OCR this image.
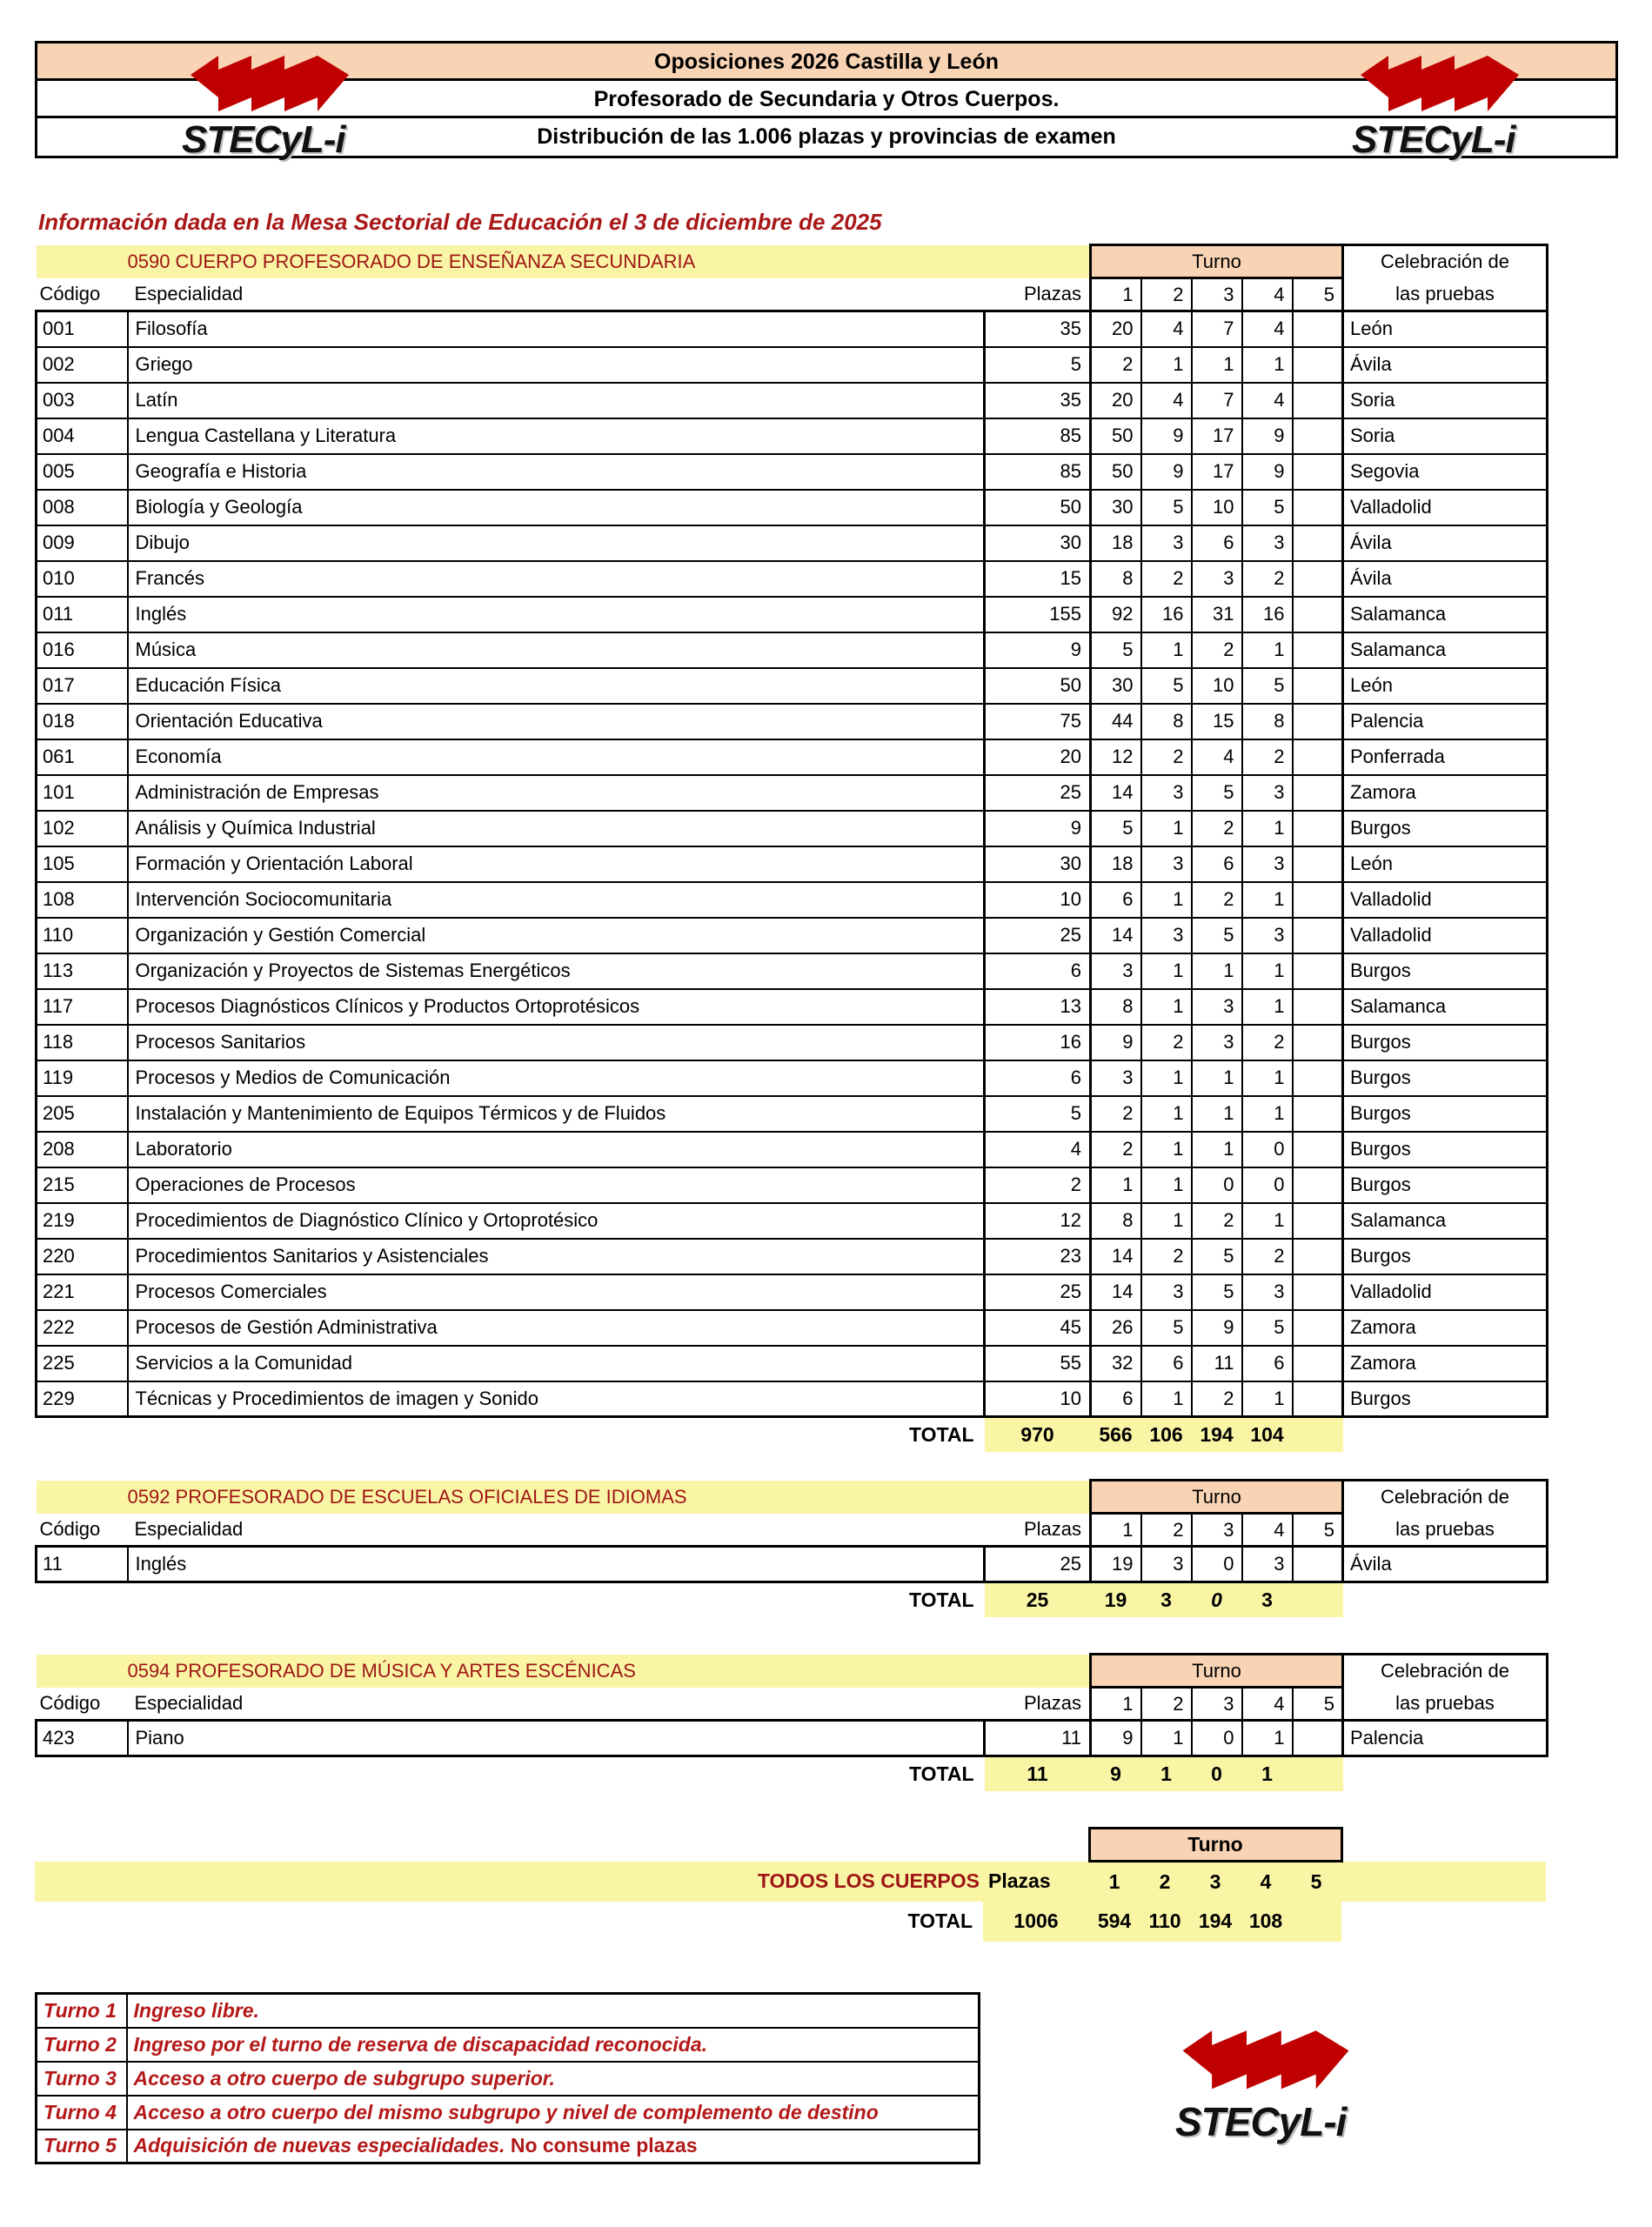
Oposiciones 2026 Castilla y León
Profesorado de Secundaria y Otros Cuerpos.
Distribución de las 1.006 plazas y provincias de examen
STECyL-i	STECyL-i
Información dada en la Mesa Sectorial de Educación el 3 de diciembre de 2025
0590 CUERPO PROFESORADO DE ENSEÑANZA SECUNDARIA			Turno					Celebración de
Código	Especialidad	Plazas	1	2	3	4	5	las pruebas
001	Filosofía	35	20	4	7	4		León
002	Griego	5	2	1	1	1		Ávila
003	Latín	35	20	4	7	4		Soria
004	Lengua Castellana y Literatura	85	50	9	17	9		Soria
005	Geografía e Historia	85	50	9	17	9		Segovia
008	Biología y Geología	50	30	5	10	5		Valladolid
009	Dibujo	30	18	3	6	3		Ávila
010	Francés	15	8	2	3	2		Ávila
011	Inglés	155	92	16	31	16		Salamanca
016	Música	9	5	1	2	1		Salamanca
017	Educación Física	50	30	5	10	5		León
018	Orientación Educativa	75	44	8	15	8		Palencia
061	Economía	20	12	2	4	2		Ponferrada
101	Administración de Empresas	25	14	3	5	3		Zamora
102	Análisis y Química Industrial	9	5	1	2	1		Burgos
105	Formación y Orientación Laboral	30	18	3	6	3		León
108	Intervención Sociocomunitaria	10	6	1	2	1		Valladolid
110	Organización y Gestión Comercial	25	14	3	5	3		Valladolid
113	Organización y Proyectos de Sistemas Energéticos	6	3	1	1	1		Burgos
117	Procesos Diagnósticos Clínicos y Productos Ortoprotésicos	13	8	1	3	1		Salamanca
118	Procesos Sanitarios	16	9	2	3	2		Burgos
119	Procesos y Medios de Comunicación	6	3	1	1	1		Burgos
205	Instalación y Mantenimiento de Equipos Térmicos y de Fluidos	5	2	1	1	1		Burgos
208	Laboratorio	4	2	1	1	0		Burgos
215	Operaciones de Procesos	2	1	1	0	0		Burgos
219	Procedimientos de Diagnóstico Clínico y Ortoprotésico	12	8	1	2	1		Salamanca
220	Procedimientos Sanitarios y Asistenciales	23	14	2	5	2		Burgos
221	Procesos Comerciales	25	14	3	5	3		Valladolid
222	Procesos de Gestión Administrativa	45	26	5	9	5		Zamora
225	Servicios a la Comunidad	55	32	6	11	6		Zamora
229	Técnicas y Procedimientos de imagen y Sonido	10	6	1	2	1		Burgos
	TOTAL	970	566	106	194	104		
0592 PROFESORADO DE ESCUELAS OFICIALES DE IDIOMAS			Turno					Celebración de
Código	Especialidad	Plazas	1	2	3	4	5	las pruebas
11	Inglés	25	19	3	0	3		Ávila
	TOTAL	25	19	3	0	3		
0594 PROFESORADO DE MÚSICA Y ARTES ESCÉNICAS			Turno					Celebración de
Código	Especialidad	Plazas	1	2	3	4	5	las pruebas
423	Piano	11	9	1	0	1		Palencia
	TOTAL	11	9	1	0	1		
			Turno					
TODOS LOS CUERPOS		Plazas	1	2	3	4	5	
	TOTAL	1006	594	110	194	108		
Turno 1	Ingreso libre.
Turno 2	Ingreso por el turno de reserva de discapacidad reconocida.
Turno 3	Acceso a otro cuerpo de subgrupo superior.
Turno 4	Acceso a otro cuerpo del mismo subgrupo y nivel de complemento de destino
Turno 5	Adquisición de nuevas especialidades. No consume plazas
STECyL-i
